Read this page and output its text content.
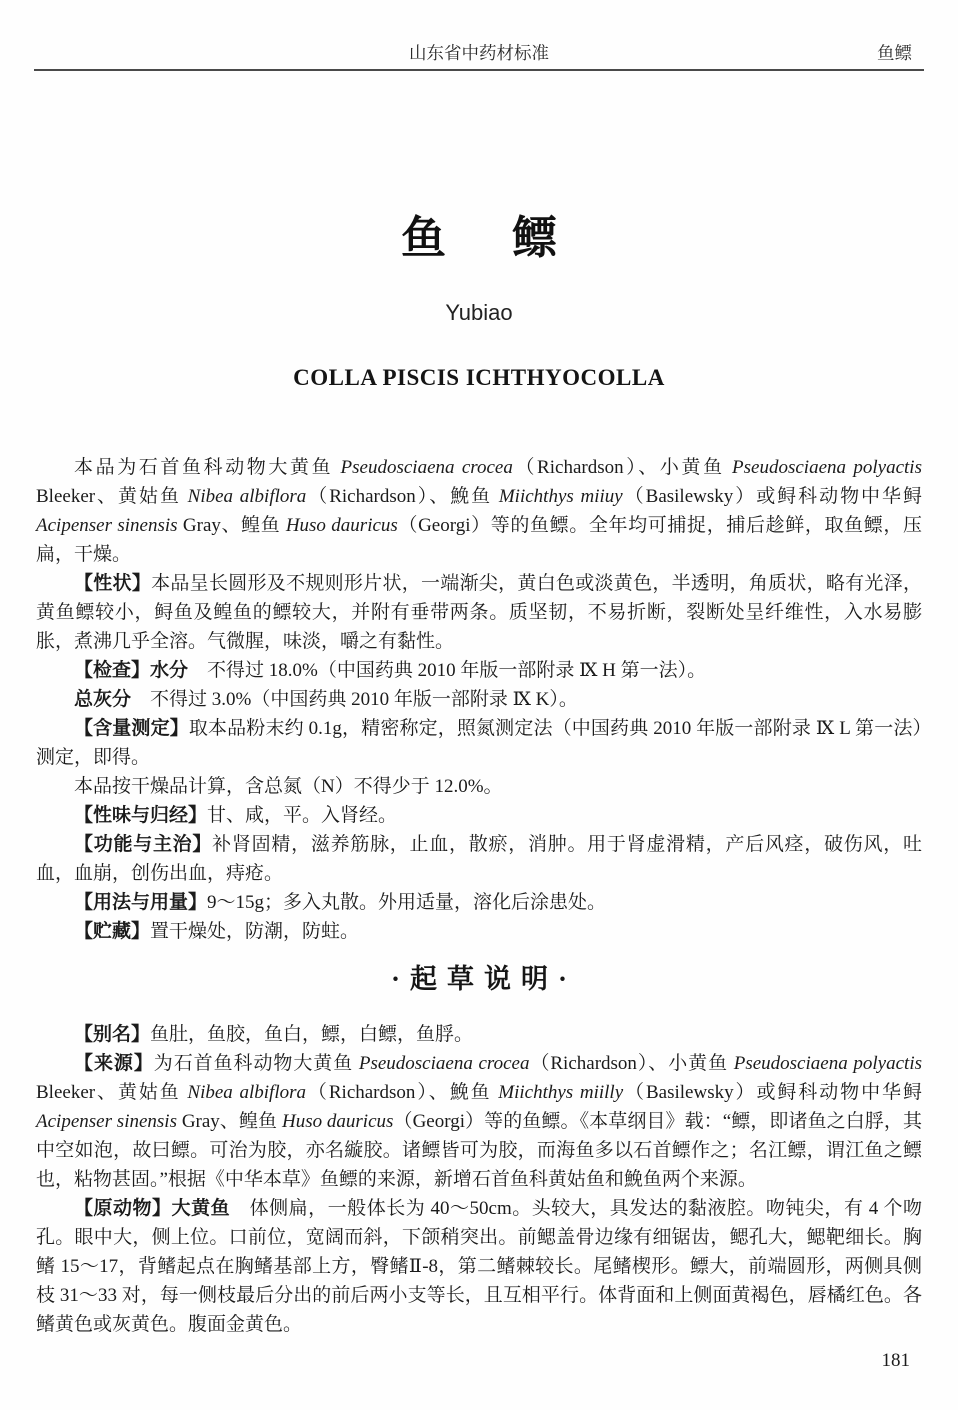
山东省中药材标准	鱼鳔
鱼 鳔
Yubiao
COLLA PISCIS ICHTHYOCOLLA

本品为石首鱼科动物大黄鱼 Pseudosciaena crocea（Richardson）、小黄鱼 Pseudosciaena polyactis Bleeker、黄姑鱼 Nibea albiflora（Richardson）、鮸鱼 Miichthys miiuy（Basilewsky）或鲟科动物中华鲟 Acipenser sinensis Gray、鳇鱼 Huso dauricus（Georgi）等的鱼鳔。全年均可捕捉，捕后趁鲜，取鱼鳔，压扁，干燥。

【性状】本品呈长圆形及不规则形片状，一端渐尖，黄白色或淡黄色，半透明，角质状，略有光泽，黄鱼鳔较小，鲟鱼及鳇鱼的鳔较大，并附有垂带两条。质坚韧，不易折断，裂断处呈纤维性，入水易膨胀，煮沸几乎全溶。气微腥，味淡，嚼之有黏性。

【检查】水分　不得过 18.0%（中国药典 2010 年版一部附录 Ⅸ H 第一法）。

总灰分　不得过 3.0%（中国药典 2010 年版一部附录 Ⅸ K）。

【含量测定】取本品粉末约 0.1g，精密称定，照氮测定法（中国药典 2010 年版一部附录 Ⅸ L 第一法）测定，即得。

本品按干燥品计算，含总氮（N）不得少于 12.0%。

【性味与归经】甘、咸，平。入肾经。

【功能与主治】补肾固精，滋养筋脉，止血，散瘀，消肿。用于肾虚滑精，产后风痉，破伤风，吐血，血崩，创伤出血，痔疮。

【用法与用量】9～15g；多入丸散。外用适量，溶化后涂患处。

【贮藏】置干燥处，防潮，防蛀。

·起草说明·

【别名】鱼肚，鱼胶，鱼白，鳔，白鳔，鱼脬。

【来源】为石首鱼科动物大黄鱼 Pseudosciaena crocea（Richardson）、小黄鱼 Pseudosciaena polyactis Bleeker、黄姑鱼 Nibea albiflora（Richardson）、鮸鱼 Miichthys miilly（Basilewsky）或鲟科动物中华鲟 Acipenser sinensis Gray、鳇鱼 Huso dauricus（Georgi）等的鱼鳔。《本草纲目》载：“鳔，即诸鱼之白脬，其中空如泡，故曰鳔。可治为胶，亦名縼胶。诸鳔皆可为胶，而海鱼多以石首鳔作之；名江鳔，谓江鱼之鳔也，粘物甚固。”根据《中华本草》鱼鳔的来源，新增石首鱼科黄姑鱼和鮸鱼两个来源。

【原动物】大黄鱼　体侧扁，一般体长为 40～50cm。头较大，具发达的黏液腔。吻钝尖，有 4 个吻孔。眼中大，侧上位。口前位，宽阔而斜，下颌稍突出。前鳃盖骨边缘有细锯齿，鳃孔大，鳃靶细长。胸鳍 15～17，背鳍起点在胸鳍基部上方，臀鳍Ⅱ-8，第二鳍棘较长。尾鳍楔形。鳔大，前端圆形，两侧具侧枝 31～33 对，每一侧枝最后分出的前后两小支等长，且互相平行。体背面和上侧面黄褐色，唇橘红色。各鳍黄色或灰黄色。腹面金黄色。

181
